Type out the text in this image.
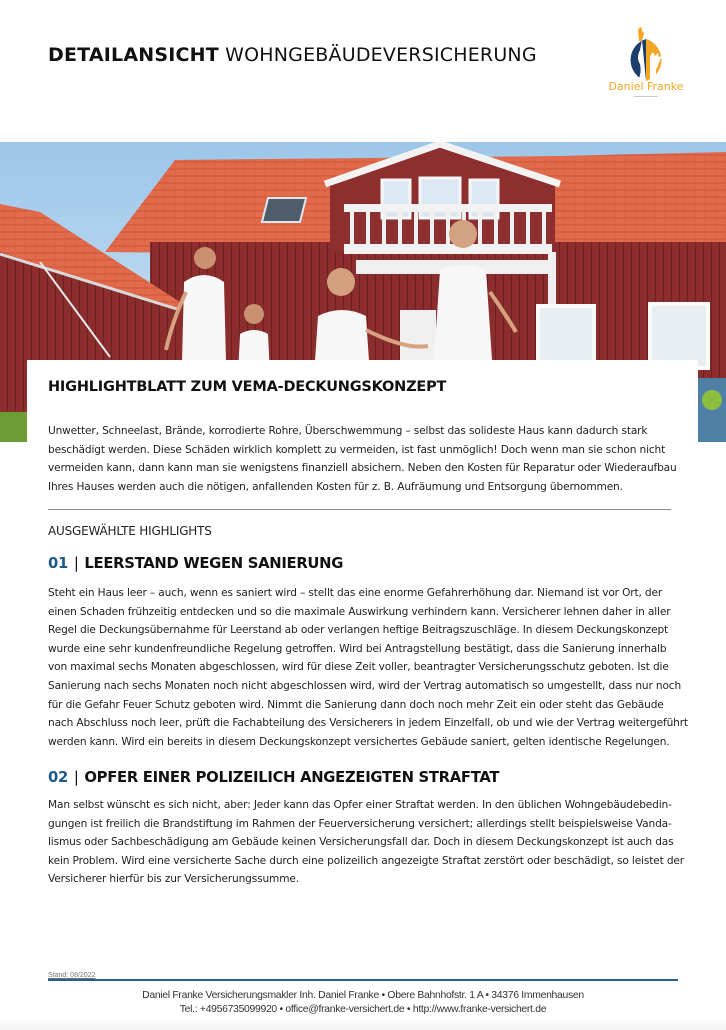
DETAILANSICHT WOHNGEBÄUDEVERSICHERUNG
Daniel Franke
HIGHLIGHTBLATT ZUM VEMA-DECKUNGSKONZEPT
Unwetter, Schneelast, Brände, korrodierte Rohre, Überschwemmung – selbst das solideste Haus kann dadurch stark
beschädigt werden. Diese Schäden wirklich komplett zu vermeiden, ist fast unmöglich! Doch wenn man sie schon nicht
vermeiden kann, dann kann man sie wenigstens finanziell absichern. Neben den Kosten für Reparatur oder Wiederaufbau
Ihres Hauses werden auch die nötigen, anfallenden Kosten für z. B. Aufräumung und Entsorgung übernommen.
AUSGEWÄHLTE HIGHLIGHTS
01 | LEERSTAND WEGEN SANIERUNG
Steht ein Haus leer – auch, wenn es saniert wird – stellt das eine enorme Gefahrerhöhung dar. Niemand ist vor Ort, der
einen Schaden frühzeitig entdecken und so die maximale Auswirkung verhindern kann. Versicherer lehnen daher in aller
Regel die Deckungsübernahme für Leerstand ab oder verlangen heftige Beitragszuschläge. In diesem Deckungskonzept
wurde eine sehr kundenfreundliche Regelung getroffen. Wird bei Antragstellung bestätigt, dass die Sanierung innerhalb
von maximal sechs Monaten abgeschlossen, wird für diese Zeit voller, beantragter Versicherungsschutz geboten. Ist die
Sanierung nach sechs Monaten noch nicht abgeschlossen wird, wird der Vertrag automatisch so umgestellt, dass nur noch
für die Gefahr Feuer Schutz geboten wird. Nimmt die Sanierung dann doch noch mehr Zeit ein oder steht das Gebäude
nach Abschluss noch leer, prüft die Fachabteilung des Versicherers in jedem Einzelfall, ob und wie der Vertrag weitergeführt
werden kann. Wird ein bereits in diesem Deckungskonzept versichertes Gebäude saniert, gelten identische Regelungen.
02 | OPFER EINER POLIZEILICH ANGEZEIGTEN STRAFTAT
Man selbst wünscht es sich nicht, aber: Jeder kann das Opfer einer Straftat werden. In den üblichen Wohngebäudebedin-
gungen ist freilich die Brandstiftung im Rahmen der Feuerversicherung versichert; allerdings stellt beispielsweise Vanda-
lismus oder Sachbeschädigung am Gebäude keinen Versicherungsfall dar. Doch in diesem Deckungskonzept ist auch das
kein Problem. Wird eine versicherte Sache durch eine polizeilich angezeigte Straftat zerstört oder beschädigt, so leistet der
Versicherer hierfür bis zur Versicherungssumme.
Stand: 08/2022
Daniel Franke Versicherungsmakler Inh. Daniel Franke • Obere Bahnhofstr. 1 A • 34376 Immenhausen
Tel.: +4956735099920 • office@franke-versichert.de • http://www.franke-versichert.de
